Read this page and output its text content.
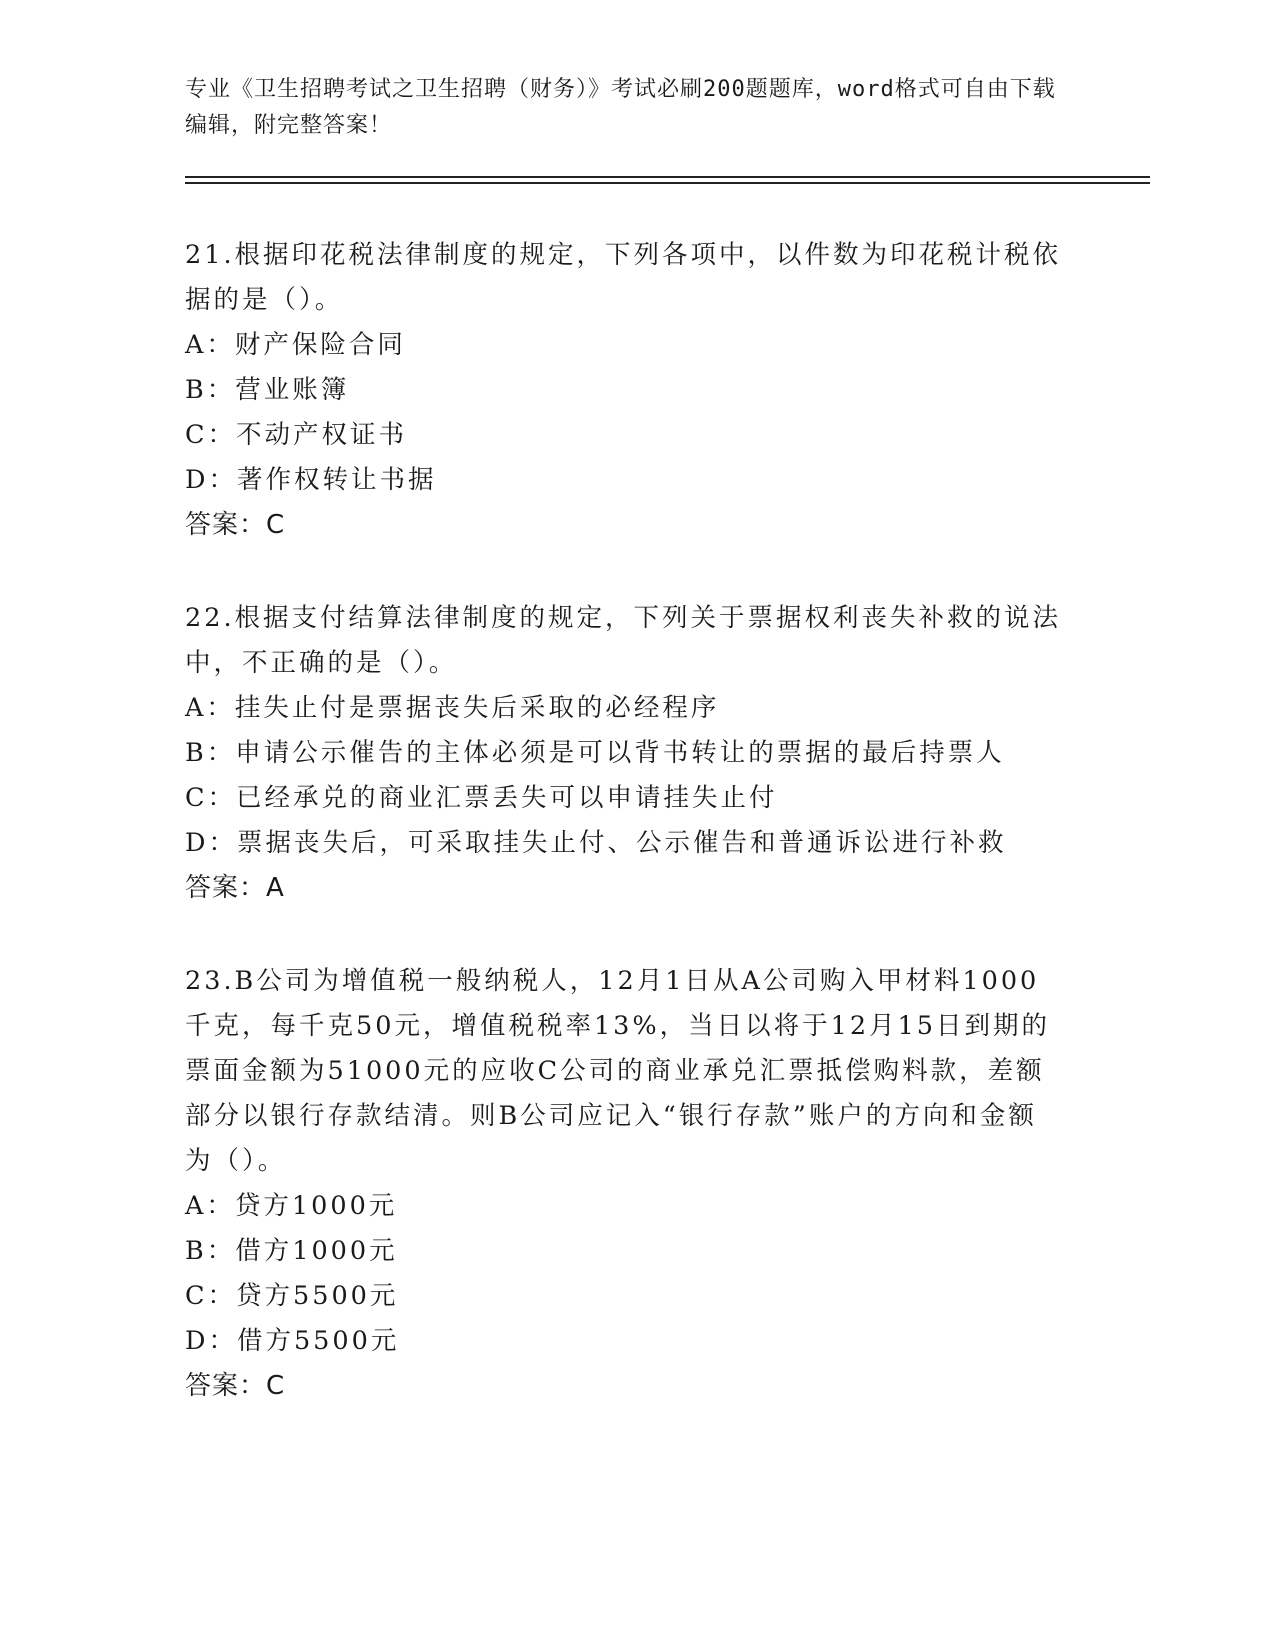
专业《卫生招聘考试之卫生招聘（财务）》考试必刷200题题库，word格式可自由下载编辑，附完整答案！

21.根据印花税法律制度的规定，下列各项中，以件数为印花税计税依据的是（）。

A：财产保险合同

B：营业账簿

C：不动产权证书

D：著作权转让书据

答案：C

22.根据支付结算法律制度的规定，下列关于票据权利丧失补救的说法中，不正确的是（）。

A：挂失止付是票据丧失后采取的必经程序

B：申请公示催告的主体必须是可以背书转让的票据的最后持票人

C：已经承兑的商业汇票丢失可以申请挂失止付

D：票据丧失后，可采取挂失止付、公示催告和普通诉讼进行补救

答案：A

23.B公司为增值税一般纳税人，12月1日从A公司购入甲材料1000千克，每千克50元，增值税税率13%，当日以将于12月15日到期的票面金额为51000元的应收C公司的商业承兑汇票抵偿购料款，差额部分以银行存款结清。则B公司应记入“银行存款”账户的方向和金额为（）。

A：贷方1000元

B：借方1000元

C：贷方5500元

D：借方5500元

答案：C
